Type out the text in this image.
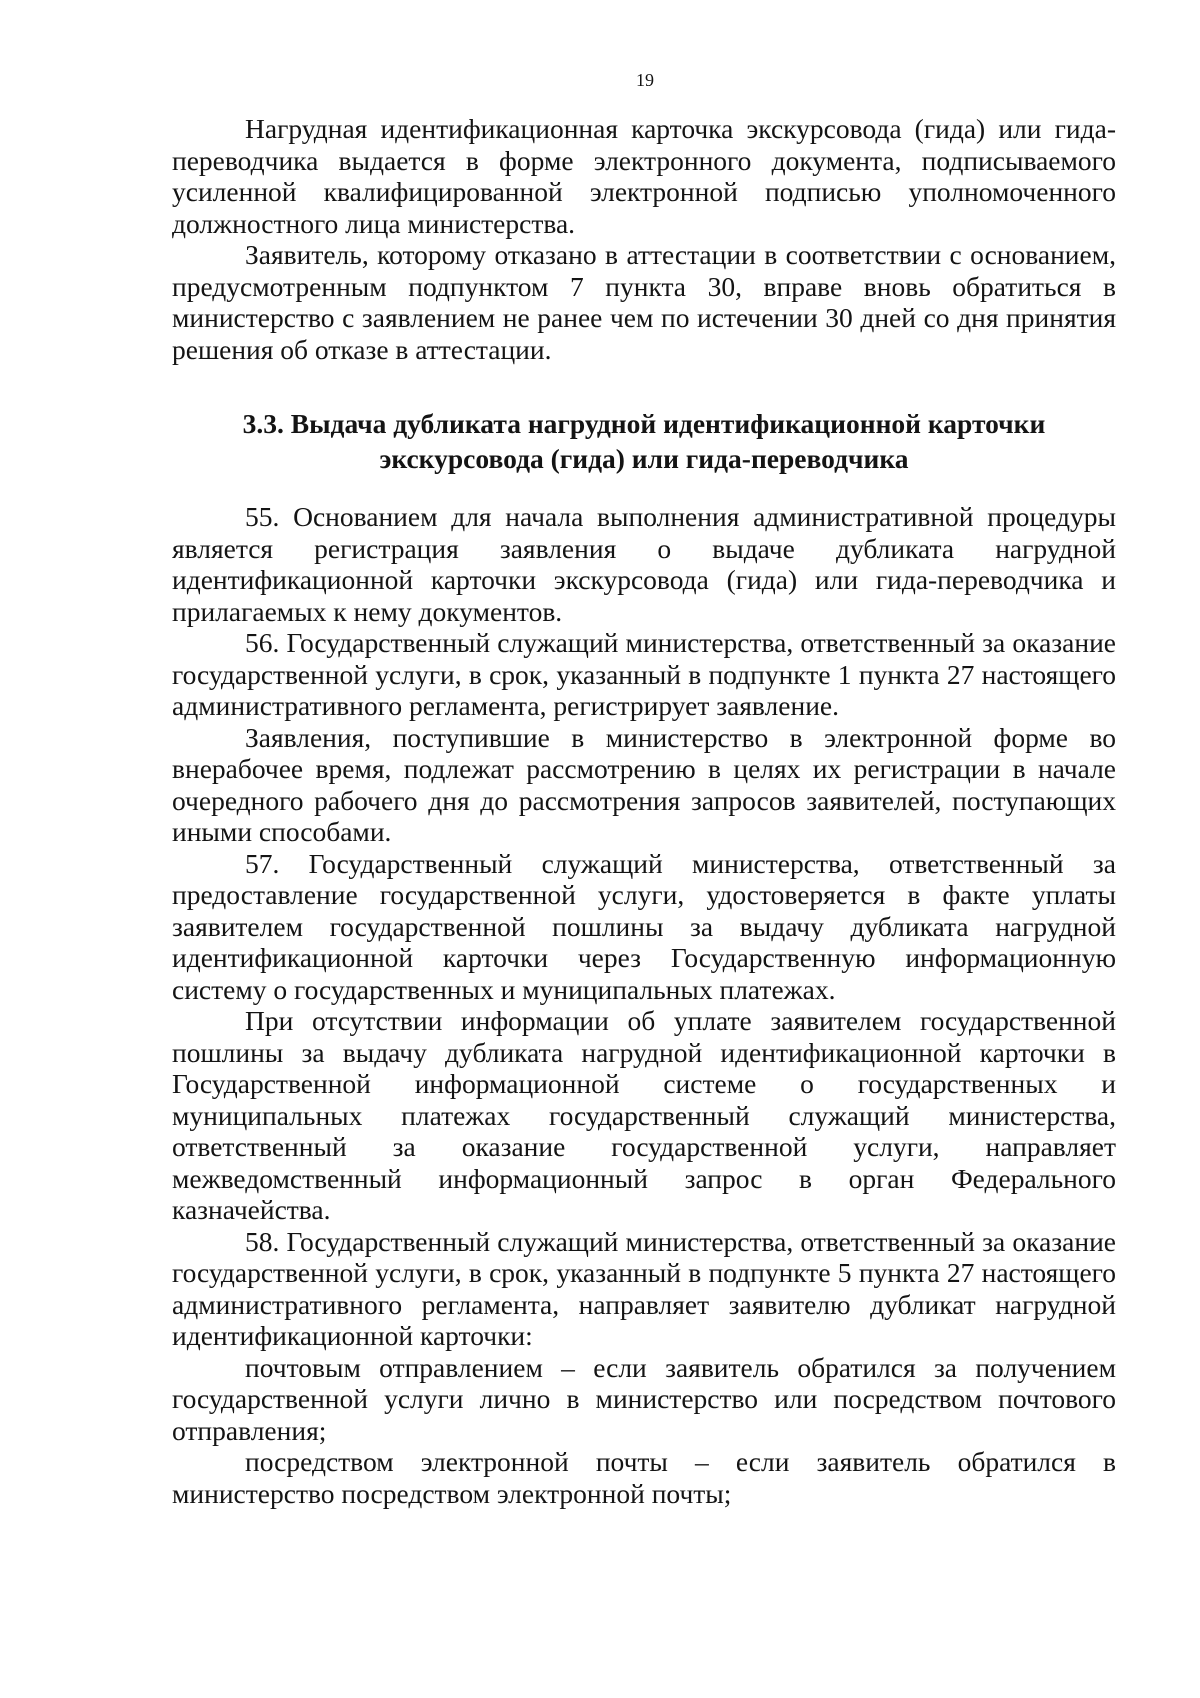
19

Нагрудная идентификационная карточка экскурсовода (гида) или гида-переводчика выдается в форме электронного документа, подписываемого усиленной квалифицированной электронной подписью уполномоченного должностного лица министерства.

Заявитель, которому отказано в аттестации в соответствии с основанием, предусмотренным подпунктом 7 пункта 30, вправе вновь обратиться в министерство с заявлением не ранее чем по истечении 30 дней со дня принятия решения об отказе в аттестации.

3.3. Выдача дубликата нагрудной идентификационной карточки
экскурсовода (гида) или гида-переводчика

55. Основанием для начала выполнения административной процедуры является регистрация заявления о выдаче дубликата нагрудной идентификационной карточки экскурсовода (гида) или гида-переводчика и прилагаемых к нему документов.

56. Государственный служащий министерства, ответственный за оказание государственной услуги, в срок, указанный в подпункте 1 пункта 27 настоящего административного регламента, регистрирует заявление.

Заявления, поступившие в министерство в электронной форме во внерабочее время, подлежат рассмотрению в целях их регистрации в начале очередного рабочего дня до рассмотрения запросов заявителей, поступающих иными способами.

57. Государственный служащий министерства, ответственный за предоставление государственной услуги, удостоверяется в факте уплаты заявителем государственной пошлины за выдачу дубликата нагрудной идентификационной карточки через Государственную информационную систему о государственных и муниципальных платежах.

При отсутствии информации об уплате заявителем государственной пошлины за выдачу дубликата нагрудной идентификационной карточки в Государственной информационной системе о государственных и муниципальных платежах государственный служащий министерства, ответственный за оказание государственной услуги, направляет межведомственный информационный запрос в орган Федерального казначейства.

58. Государственный служащий министерства, ответственный за оказание государственной услуги, в срок, указанный в подпункте 5 пункта 27 настоящего административного регламента, направляет заявителю дубликат нагрудной идентификационной карточки:

почтовым отправлением – если заявитель обратился за получением государственной услуги лично в министерство или посредством почтового отправления;

посредством электронной почты – если заявитель обратился в министерство посредством электронной почты;
